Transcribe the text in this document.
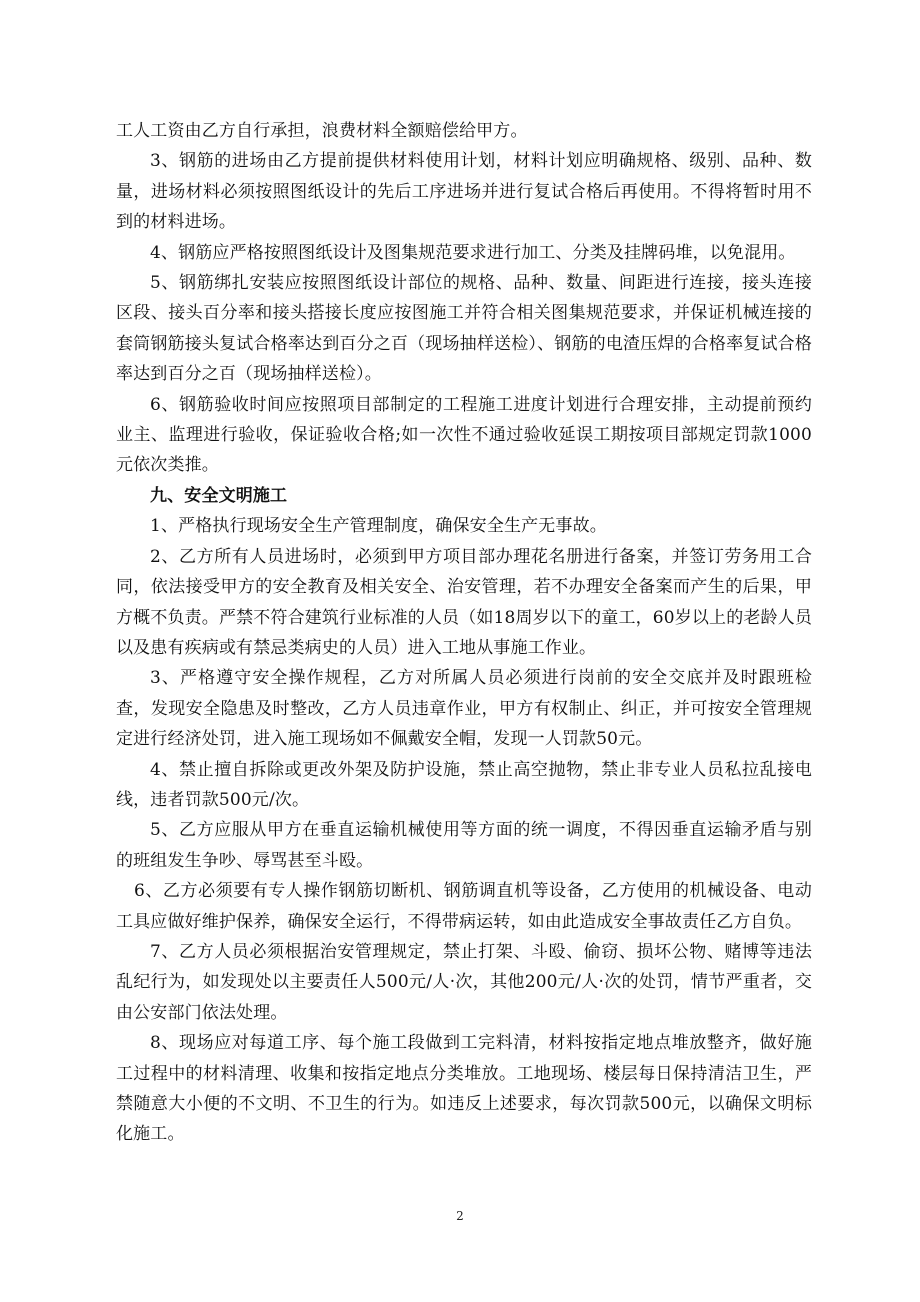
工人工资由乙方自行承担，浪费材料全额赔偿给甲方。

3、钢筋的进场由乙方提前提供材料使用计划，材料计划应明确规格、级别、品种、数量，进场材料必须按照图纸设计的先后工序进场并进行复试合格后再使用。不得将暂时用不到的材料进场。

4、钢筋应严格按照图纸设计及图集规范要求进行加工、分类及挂牌码堆，以免混用。

5、钢筋绑扎安装应按照图纸设计部位的规格、品种、数量、间距进行连接，接头连接区段、接头百分率和接头搭接长度应按图施工并符合相关图集规范要求，并保证机械连接的套筒钢筋接头复试合格率达到百分之百（现场抽样送检）、钢筋的电渣压焊的合格率复试合格率达到百分之百（现场抽样送检）。

6、钢筋验收时间应按照项目部制定的工程施工进度计划进行合理安排，主动提前预约业主、监理进行验收，保证验收合格;如一次性不通过验收延误工期按项目部规定罚款1000元依次类推。

九、安全文明施工

1、严格执行现场安全生产管理制度，确保安全生产无事故。

2、乙方所有人员进场时，必须到甲方项目部办理花名册进行备案，并签订劳务用工合同，依法接受甲方的安全教育及相关安全、治安管理，若不办理安全备案而产生的后果，甲方概不负责。严禁不符合建筑行业标准的人员（如18周岁以下的童工，60岁以上的老龄人员以及患有疾病或有禁忌类病史的人员）进入工地从事施工作业。

3、严格遵守安全操作规程，乙方对所属人员必须进行岗前的安全交底并及时跟班检查，发现安全隐患及时整改，乙方人员违章作业，甲方有权制止、纠正，并可按安全管理规定进行经济处罚，进入施工现场如不佩戴安全帽，发现一人罚款50元。

4、禁止擅自拆除或更改外架及防护设施，禁止高空抛物，禁止非专业人员私拉乱接电线，违者罚款500元/次。

5、乙方应服从甲方在垂直运输机械使用等方面的统一调度，不得因垂直运输矛盾与别的班组发生争吵、辱骂甚至斗殴。

6、乙方必须要有专人操作钢筋切断机、钢筋调直机等设备，乙方使用的机械设备、电动工具应做好维护保养，确保安全运行，不得带病运转，如由此造成安全事故责任乙方自负。

7、乙方人员必须根据治安管理规定，禁止打架、斗殴、偷窃、损坏公物、赌博等违法乱纪行为，如发现处以主要责任人500元/人·次，其他200元/人·次的处罚，情节严重者，交由公安部门依法处理。

8、现场应对每道工序、每个施工段做到工完料清，材料按指定地点堆放整齐，做好施工过程中的材料清理、收集和按指定地点分类堆放。工地现场、楼层每日保持清洁卫生，严禁随意大小便的不文明、不卫生的行为。如违反上述要求，每次罚款500元，以确保文明标化施工。

2
